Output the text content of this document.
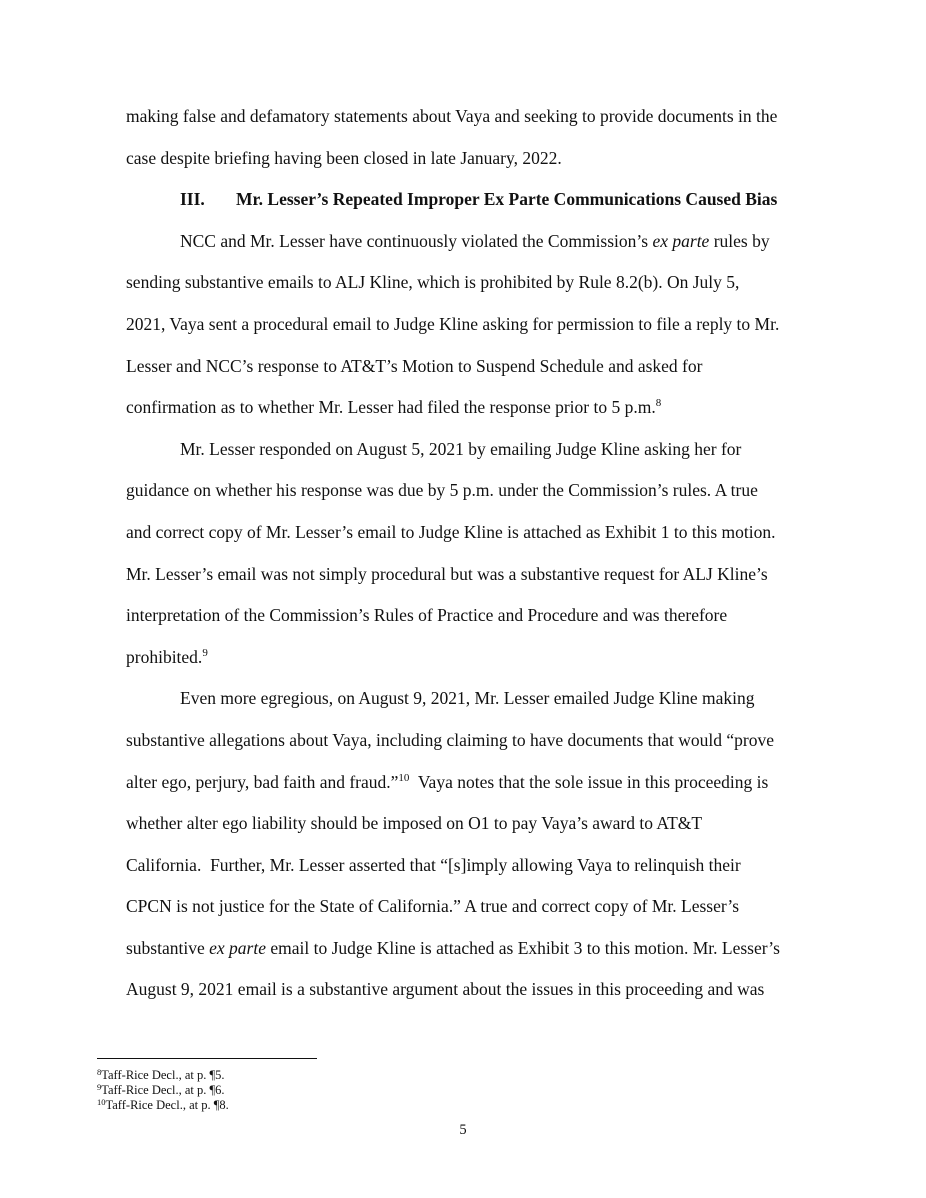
making false and defamatory statements about Vaya and seeking to provide documents in the
case despite briefing having been closed in late January, 2022.
III. Mr. Lesser’s Repeated Improper Ex Parte Communications Caused Bias
NCC and Mr. Lesser have continuously violated the Commission’s ex parte rules by
sending substantive emails to ALJ Kline, which is prohibited by Rule 8.2(b). On July 5,
2021, Vaya sent a procedural email to Judge Kline asking for permission to file a reply to Mr.
Lesser and NCC’s response to AT&T’s Motion to Suspend Schedule and asked for
confirmation as to whether Mr. Lesser had filed the response prior to 5 p.m.$^8$
Mr. Lesser responded on August 5, 2021 by emailing Judge Kline asking her for
guidance on whether his response was due by 5 p.m. under the Commission’s rules. A true
and correct copy of Mr. Lesser’s email to Judge Kline is attached as Exhibit 1 to this motion.
Mr. Lesser’s email was not simply procedural but was a substantive request for ALJ Kline’s
interpretation of the Commission’s Rules of Practice and Procedure and was therefore
prohibited.$^9$
Even more egregious, on August 9, 2021, Mr. Lesser emailed Judge Kline making
substantive allegations about Vaya, including claiming to have documents that would “prove
alter ego, perjury, bad faith and fraud.”$^{10}$  Vaya notes that the sole issue in this proceeding is
whether alter ego liability should be imposed on O1 to pay Vaya’s award to AT&T
California.  Further, Mr. Lesser asserted that “[s]imply allowing Vaya to relinquish their
CPCN is not justice for the State of California.” A true and correct copy of Mr. Lesser’s
substantive ex parte email to Judge Kline is attached as Exhibit 3 to this motion. Mr. Lesser’s
August 9, 2021 email is a substantive argument about the issues in this proceeding and was
$^8$Taff-Rice Decl., at p. ¶5.
$^9$Taff-Rice Decl., at p. ¶6.
$^{10}$Taff-Rice Decl., at p. ¶8.
5
